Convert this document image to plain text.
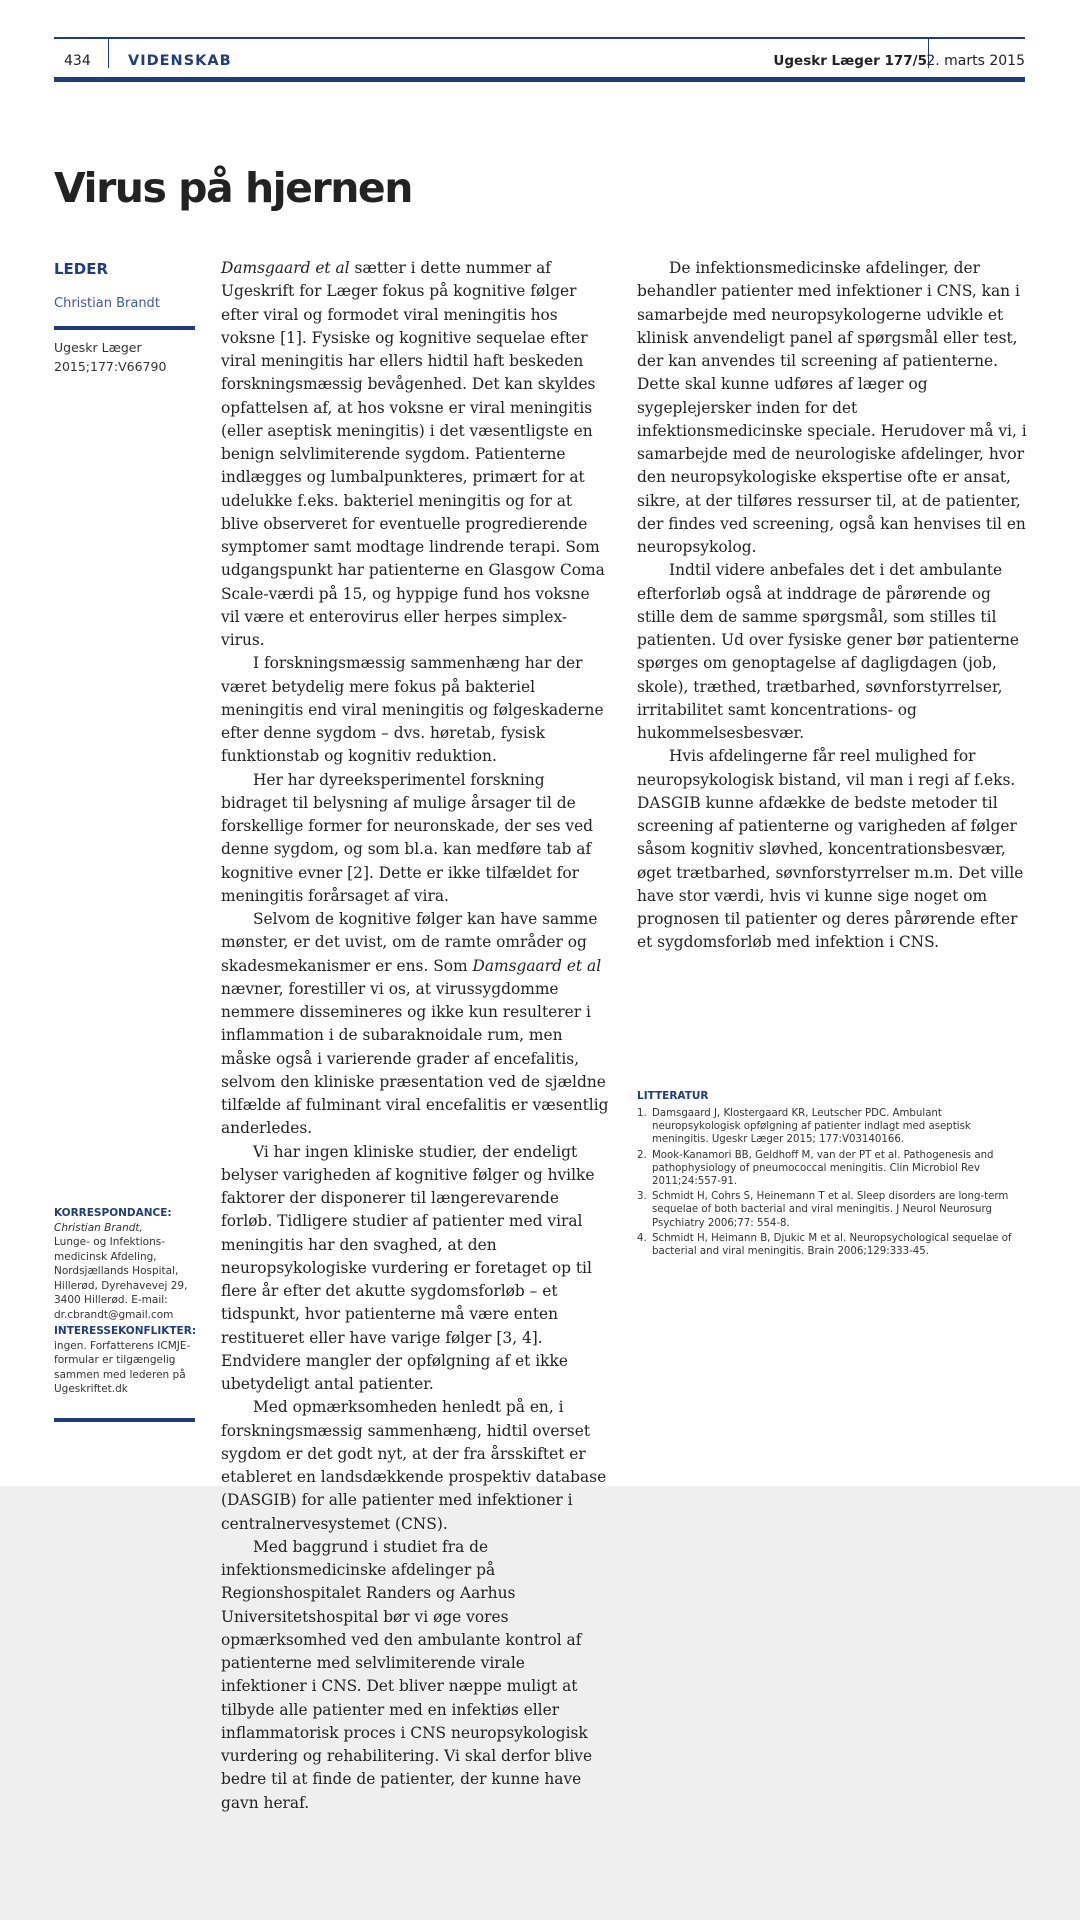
434	VIDENSKAB	Ugeskr Læger 177/5 2. marts 2015
Virus på hjernen
LEDER
Christian Brandt
Ugeskr Læger
2015;177:V66790
KORRESPONDANCE:
Christian Brandt,
Lunge- og Infektions-
medicinsk Afdeling,
Nordsjællands Hospital,
Hillerød, Dyrehavevej 29,
3400 Hillerød. E-mail:
dr.cbrandt@gmail.com
INTERESSEKONFLIKTER:
ingen. Forfatterens ICMJE-
formular er tilgængelig
sammen med lederen på
Ugeskriftet.dk

Damsgaard et al sætter i dette nummer af Ugeskrift for Læger fokus på kognitive følger efter viral og formodet viral meningitis hos voksne [1]. Fysiske og kognitive sequelae efter viral meningitis har ellers hidtil haft beskeden forskningsmæssig bevågenhed. Det kan skyldes opfattelsen af, at hos voksne er viral meningitis (eller aseptisk meningitis) i det væsentligste en benign selvlimiterende sygdom. Patienterne indlægges og lumbalpunkteres, primært for at udelukke f.eks. bakteriel meningitis og for at blive observeret for eventuelle progredierende symptomer samt modtage lindrende terapi. Som udgangspunkt har patienterne en Glasgow Coma Scale-værdi på 15, og hyppige fund hos voksne vil være et enterovirus eller herpes simplex-virus.

I forskningsmæssig sammenhæng har der været betydelig mere fokus på bakteriel meningitis end viral meningitis og følgeskaderne efter denne sygdom – dvs. høretab, fysisk funktionstab og kognitiv reduktion.

Her har dyreeksperimentel forskning bidraget til belysning af mulige årsager til de forskellige former for neuronskade, der ses ved denne sygdom, og som bl.a. kan medføre tab af kognitive evner [2]. Dette er ikke tilfældet for meningitis forårsaget af vira.

Selvom de kognitive følger kan have samme mønster, er det uvist, om de ramte områder og skadesmekanismer er ens. Som Damsgaard et al nævner, forestiller vi os, at virussygdomme nemmere dissemineres og ikke kun resulterer i inflammation i de subaraknoidale rum, men måske også i varierende grader af encefalitis, selvom den kliniske præsentation ved de sjældne tilfælde af fulminant viral encefalitis er væsentlig anderledes.

Vi har ingen kliniske studier, der endeligt belyser varigheden af kognitive følger og hvilke faktorer der disponerer til længerevarende forløb. Tidligere studier af patienter med viral meningitis har den svaghed, at den neuropsykologiske vurdering er foretaget op til flere år efter det akutte sygdomsforløb – et tidspunkt, hvor patienterne må være enten restitueret eller have varige følger [3, 4]. Endvidere mangler der opfølgning af et ikke ubetydeligt antal patienter.

Med opmærksomheden henledt på en, i forskningsmæssig sammenhæng, hidtil overset sygdom er det godt nyt, at der fra årsskiftet er etableret en landsdækkende prospektiv database (DASGIB) for alle patienter med infektioner i centralnervesystemet (CNS).

Med baggrund i studiet fra de infektionsmedicinske afdelinger på Regionshospitalet Randers og Aarhus Universitetshospital bør vi øge vores opmærksomhed ved den ambulante kontrol af patienterne med selvlimiterende virale infektioner i CNS. Det bliver næppe muligt at tilbyde alle patienter med en infektiøs eller inflammatorisk proces i CNS neuropsykologisk vurdering og rehabilitering. Vi skal derfor blive bedre til at finde de patienter, der kunne have gavn heraf.

De infektionsmedicinske afdelinger, der behandler patienter med infektioner i CNS, kan i samarbejde med neuropsykologerne udvikle et klinisk anvendeligt panel af spørgsmål eller test, der kan anvendes til screening af patienterne. Dette skal kunne udføres af læger og sygeplejersker inden for det infektionsmedicinske speciale. Herudover må vi, i samarbejde med de neurologiske afdelinger, hvor den neuropsykologiske ekspertise ofte er ansat, sikre, at der tilføres ressurser til, at de patienter, der findes ved screening, også kan henvises til en neuropsykolog.

Indtil videre anbefales det i det ambulante efterforløb også at inddrage de pårørende og stille dem de samme spørgsmål, som stilles til patienten. Ud over fysiske gener bør patienterne spørges om genoptagelse af dagligdagen (job, skole), træthed, trætbarhed, søvnforstyrrelser, irritabilitet samt koncentrations- og hukommelsesbesvær.

Hvis afdelingerne får reel mulighed for neuropsykologisk bistand, vil man i regi af f.eks. DASGIB kunne afdække de bedste metoder til screening af patienterne og varigheden af følger såsom kognitiv sløvhed, koncentrationsbesvær, øget trætbarhed, søvnforstyrrelser m.m. Det ville have stor værdi, hvis vi kunne sige noget om prognosen til patienter og deres pårørende efter et sygdomsforløb med infektion i CNS.

LITTERATUR
1. Damsgaard J, Klostergaard KR, Leutscher PDC. Ambulant neuropsykologisk opfølgning af patienter indlagt med aseptisk meningitis. Ugeskr Læger 2015; 177:V03140166.
2. Mook-Kanamori BB, Geldhoff M, van der PT et al. Pathogenesis and pathophysiology of pneumococcal meningitis. Clin Microbiol Rev 2011;24:557-91.
3. Schmidt H, Cohrs S, Heinemann T et al. Sleep disorders are long-term sequelae of both bacterial and viral meningitis. J Neurol Neurosurg Psychiatry 2006;77: 554-8.
4. Schmidt H, Heimann B, Djukic M et al. Neuropsychological sequelae of bacterial and viral meningitis. Brain 2006;129:333-45.
